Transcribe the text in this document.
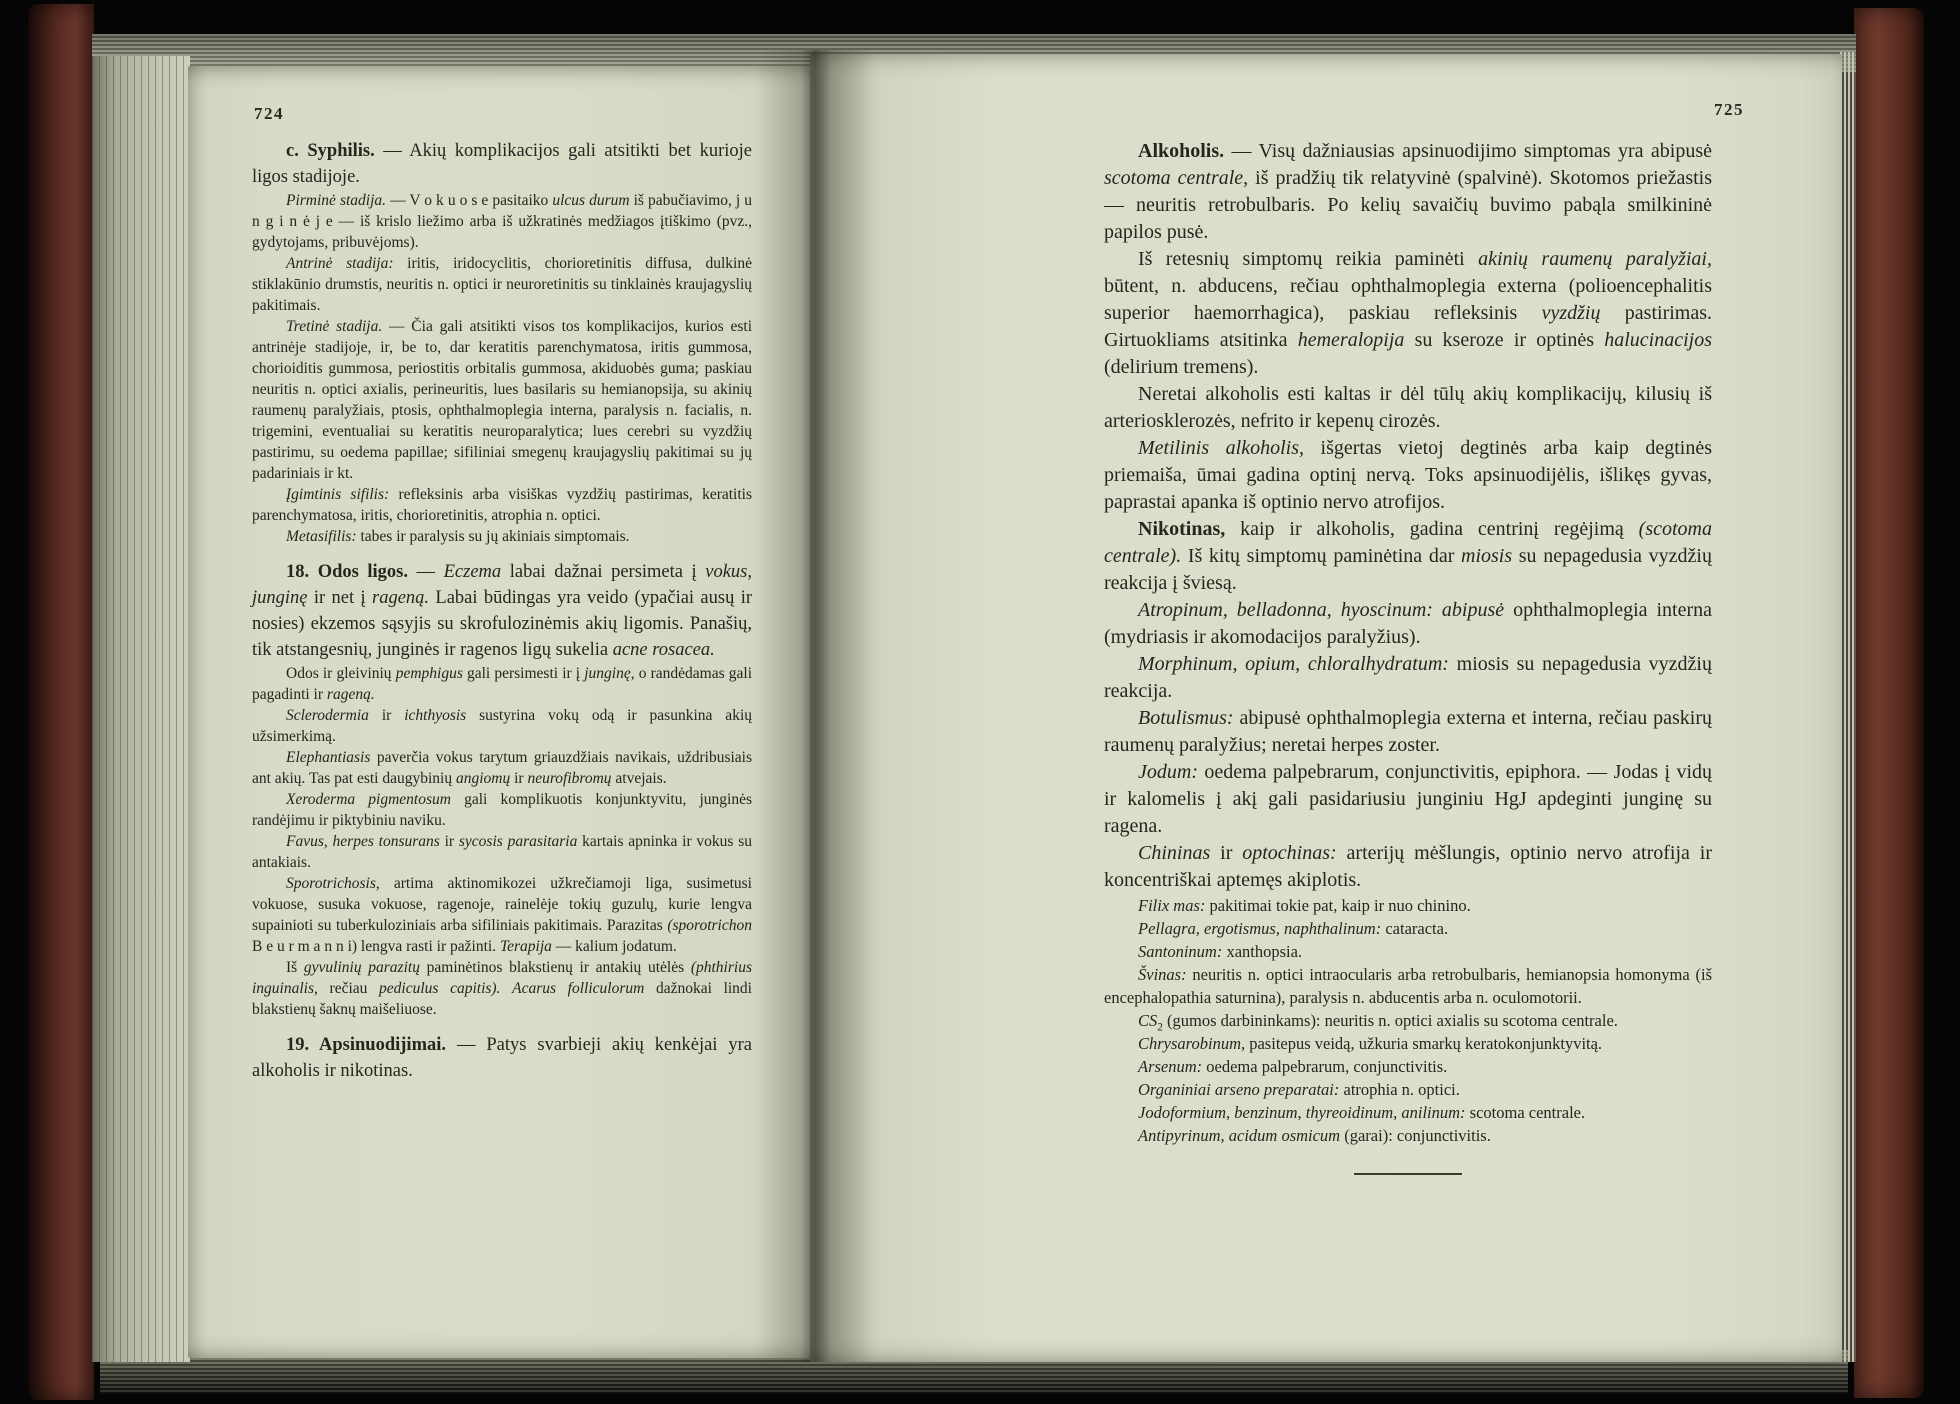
724

c. Syphilis. — Akių komplikacijos gali atsitikti bet kurioje ligos stadijoje.

Pirminė stadija. — V o k u o s e pasitaiko ulcus durum iš pabučiavimo, j u n g i n ė j e — iš krislo liežimo arba iš užkratinės medžiagos įtiškimo (pvz., gydytojams, pribuvėjoms).

Antrinė stadija: iritis, iridocyclitis, chorioretinitis diffusa, dulkinė stiklakūnio drumstis, neuritis n. optici ir neuroretinitis su tinklainės kraujagyslių pakitimais.

Tretinė stadija. — Čia gali atsitikti visos tos komplikacijos, kurios esti antrinėje stadijoje, ir, be to, dar keratitis parenchymatosa, iritis gummosa, chorioiditis gummosa, periostitis orbitalis gummosa, akiduobės guma; paskiau neuritis n. optici axialis, perineuritis, lues basilaris su hemianopsija, su akinių raumenų paralyžiais, ptosis, ophthalmoplegia interna, paralysis n. facialis, n. trigemini, eventualiai su keratitis neuroparalytica; lues cerebri su vyzdžių pastirimu, su oedema papillae; sifiliniai smegenų kraujagyslių pakitimai su jų padariniais ir kt.

Įgimtinis sifilis: refleksinis arba visiškas vyzdžių pastirimas, keratitis parenchymatosa, iritis, chorioretinitis, atrophia n. optici.

Metasifilis: tabes ir paralysis su jų akiniais simptomais.

18. Odos ligos. — Eczema labai dažnai persimeta į vokus, junginę ir net į rageną. Labai būdingas yra veido (ypačiai ausų ir nosies) ekzemos sąsyjis su skrofulozinėmis akių ligomis. Panašių, tik atstangesnių, junginės ir ragenos ligų sukelia acne rosacea.

Odos ir gleivinių pemphigus gali persimesti ir į junginę, o randėdamas gali pagadinti ir rageną.

Sclerodermia ir ichthyosis sustyrina vokų odą ir pasunkina akių užsimerkimą.

Elephantiasis paverčia vokus tarytum griauzdžiais navikais, uždribusiais ant akių. Tas pat esti daugybinių angiomų ir neurofibromų atvejais.

Xeroderma pigmentosum gali komplikuotis konjunktyvitu, junginės randėjimu ir piktybiniu naviku.

Favus, herpes tonsurans ir sycosis parasitaria kartais apninka ir vokus su antakiais.

Sporotrichosis, artima aktinomikozei užkrečiamoji liga, susimetusi vokuose, susuka vokuose, ragenoje, rainelėje tokių guzulų, kurie lengva supainioti su tuberkuloziniais arba sifiliniais pakitimais. Parazitas (sporotrichon B e u r m a n n i) lengva rasti ir pažinti. Terapija — kalium jodatum.

Iš gyvulinių parazitų paminėtinos blakstienų ir antakių utėlės (phthirius inguinalis, rečiau pediculus capitis). Acarus folliculorum dažnokai lindi blakstienų šaknų maišeliuose.

19. Apsinuodijimai. — Patys svarbieji akių kenkėjai yra alkoholis ir nikotinas.

725

Alkoholis. — Visų dažniausias apsinuodijimo simptomas yra abipusė scotoma centrale, iš pradžių tik relatyvinė (spalvinė). Skotomos priežastis — neuritis retrobulbaris. Po kelių savaičių buvimo pabąla smilkininė papilos pusė.

Iš retesnių simptomų reikia paminėti akinių raumenų paralyžiai, būtent, n. abducens, rečiau ophthalmoplegia externa (polioencephalitis superior haemorrhagica), paskiau refleksinis vyzdžių pastirimas. Girtuokliams atsitinka hemeralopija su kseroze ir optinės halucinacijos (delirium tremens).

Neretai alkoholis esti kaltas ir dėl tūlų akių komplikacijų, kilusių iš arteriosklerozės, nefrito ir kepenų cirozės.

Metilinis alkoholis, išgertas vietoj degtinės arba kaip degtinės priemaiša, ūmai gadina optinį nervą. Toks apsinuodijėlis, išlikęs gyvas, paprastai apanka iš optinio nervo atrofijos.

Nikotinas, kaip ir alkoholis, gadina centrinį regėjimą (scotoma centrale). Iš kitų simptomų paminėtina dar miosis su nepagedusia vyzdžių reakcija į šviesą.

Atropinum, belladonna, hyoscinum: abipusė ophthalmoplegia interna (mydriasis ir akomodacijos paralyžius).

Morphinum, opium, chloralhydratum: miosis su nepagedusia vyzdžių reakcija.

Botulismus: abipusė ophthalmoplegia externa et interna, rečiau paskirų raumenų paralyžius; neretai herpes zoster.

Jodum: oedema palpebrarum, conjunctivitis, epiphora. — Jodas į vidų ir kalomelis į akį gali pasidariusiu junginiu HgJ apdeginti junginę su ragena.

Chininas ir optochinas: arterijų mėšlungis, optinio nervo atrofija ir koncentriškai aptemęs akiplotis.

Filix mas: pakitimai tokie pat, kaip ir nuo chinino.

Pellagra, ergotismus, naphthalinum: cataracta.

Santoninum: xanthopsia.

Švinas: neuritis n. optici intraocularis arba retrobulbaris, hemianopsia homonyma (iš encephalopathia saturnina), paralysis n. abducentis arba n. oculomotorii.

$CS_2$ (gumos darbininkams): neuritis n. optici axialis su scotoma centrale.

Chrysarobinum, pasitepus veidą, užkuria smarkų keratokonjunktyvitą.

Arsenum: oedema palpebrarum, conjunctivitis.

Organiniai arseno preparatai: atrophia n. optici.

Jodoformium, benzinum, thyreoidinum, anilinum: scotoma centrale.

Antipyrinum, acidum osmicum (garai): conjunctivitis.
